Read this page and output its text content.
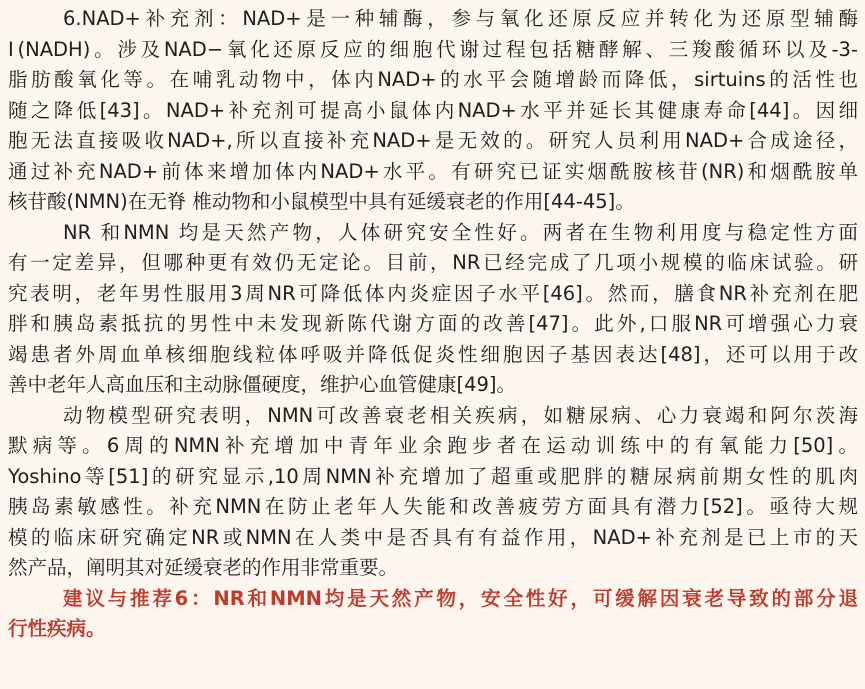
6.NAD+补充剂：NAD+是一种辅酶，参与氧化还原反应并转化为还原型辅酶
Ⅰ(NADH)。涉及NAD−氧化还原反应的细胞代谢过程包括糖酵解、三羧酸循环以及-3-
脂肪酸氧化等。在哺乳动物中，体内NAD+的水平会随增龄而降低，sirtuins的活性也
随之降低[43]。NAD+补充剂可提高小鼠体内NAD+水平并延长其健康寿命[44]。因细
胞无法直接吸收NAD+,所以直接补充NAD+是无效的。研究人员利用NAD+合成途径，
通过补充NAD+前体来增加体内NAD+水平。有研究已证实烟酰胺核苷(NR)和烟酰胺单
核苷酸(NMN)在无脊 椎动物和小鼠模型中具有延缓衰老的作用[44-45]。
NR 和NMN 均是天然产物，人体研究安全性好。两者在生物利用度与稳定性方面
有一定差异，但哪种更有效仍无定论。目前，NR已经完成了几项小规模的临床试验。研
究表明，老年男性服用3周NR可降低体内炎症因子水平[46]。然而，膳食NR补充剂在肥
胖和胰岛素抵抗的男性中未发现新陈代谢方面的改善[47]。此外,口服NR可增强心力衰
竭患者外周血单核细胞线粒体呼吸并降低促炎性细胞因子基因表达[48]，还可以用于改
善中老年人高血压和主动脉僵硬度，维护心血管健康[49]。
动物模型研究表明，NMN可改善衰老相关疾病，如糖尿病、心力衰竭和阿尔茨海
默病等。6周的NMN补充增加中青年业余跑步者在运动训练中的有氧能力[50]。
Yoshino等[51]的研究显示,10周NMN补充增加了超重或肥胖的糖尿病前期女性的肌肉
胰岛素敏感性。补充NMN在防止老年人失能和改善疲劳方面具有潜力[52]。亟待大规
模的临床研究确定NR或NMN在人类中是否具有有益作用，NAD+补充剂是已上市的天
然产品，阐明其对延缓衰老的作用非常重要。
建议与推荐6：NR和NMN均是天然产物，安全性好，可缓解因衰老导致的部分退
行性疾病。
